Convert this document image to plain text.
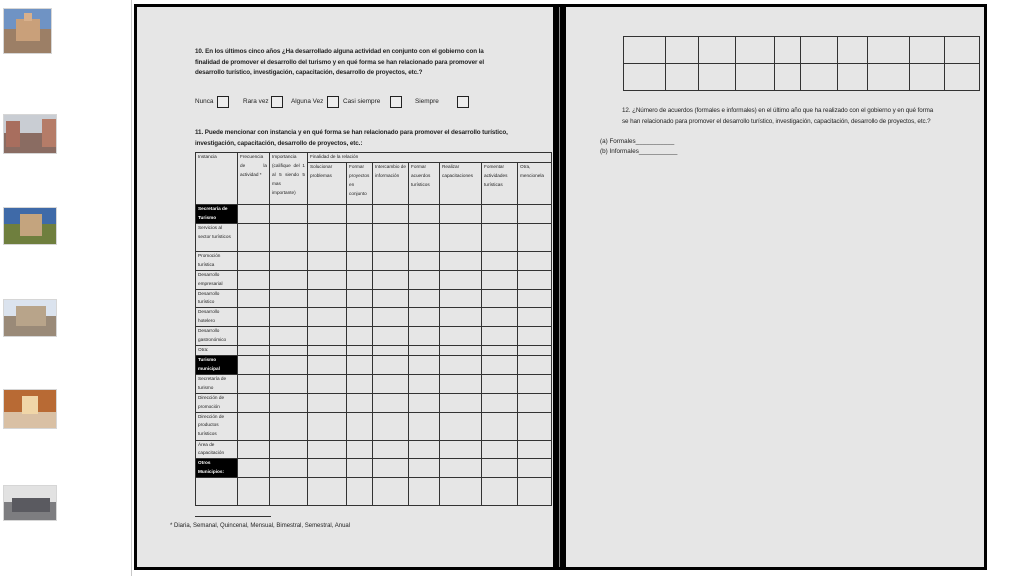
10. En los últimos cinco años ¿Ha desarrollado alguna actividad en conjunto con el gobierno con la finalidad de promover el desarrollo del turismo y en qué forma se han relacionado para promover el desarrollo turístico, investigación, capacitación, desarrollo de proyectos, etc.?
Nunca	Rara vez	Alguna Vez	Casi siempre	Siempre
11. Puede mencionar con instancia y en qué forma se han relacionado para promover el desarrollo turístico, investigación, capacitación, desarrollo de proyectos, etc.:
Instancia	Frecuencia de la actividad *	Importancia (califique del 1 al 5 siendo 5 mas importante)	Finalidad de la relación						
			Solucionar problemas	Formar proyectos en conjunto	Intercambio de información	Formar acuerdos turísticos	Realizar capacitaciones	Fomentar actividades turísticas	Otra, mencionela
Secretaría de Turismo									
Servicios al sector turísticos									
Promoción turística									
Desarrollo empresarial									
Desarrollo turístico									
Desarrollo hotelero									
Desarrollo gastronómico									
Otra:									
Turismo municipal									
Secretaría de turismo									
Dirección de promoción									
Dirección de productos turísticos									
Área de capacitación									
Otros Municipios:									

* Diaria, Semanal, Quincenal, Mensual, Bimestral, Semestral, Anual

12. ¿Número de acuerdos (formales e informales) en el último año que ha realizado con el gobierno y en qué forma se han relacionado para promover el desarrollo turístico, investigación, capacitación, desarrollo de proyectos, etc.?
(a) Formales___________
(b) Informales___________
